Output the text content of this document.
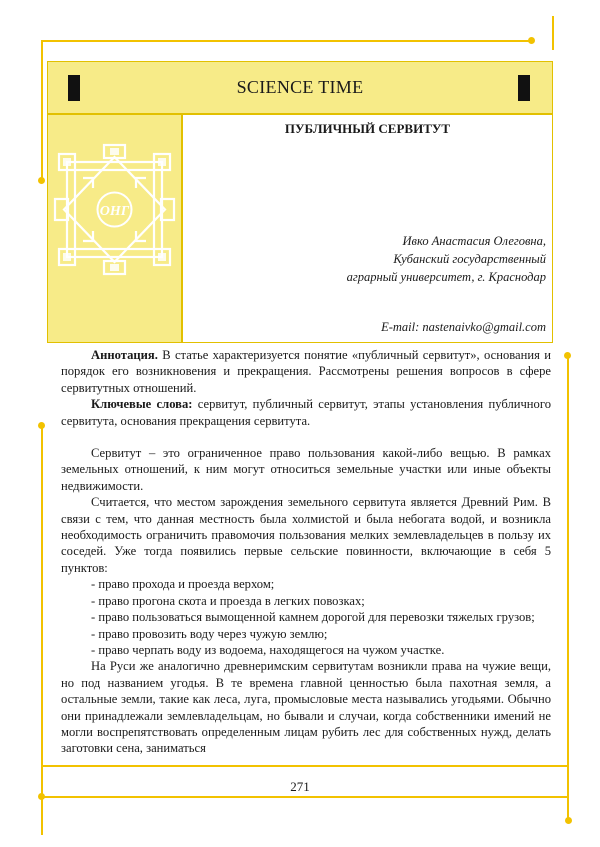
SCIENCE TIME
ОНГ
ПУБЛИЧНЫЙ СЕРВИТУТ
Ивко Анастасия Олеговна,
Кубанский государственный
аграрный университет, г. Краснодар
E-mail: nastenaivko@gmail.com

Аннотация. В статье характеризуется понятие «публичный сервитут», основания и порядок его возникновения и прекращения. Рассмотрены решения вопросов в сфере сервитутных отношений.

Ключевые слова: сервитут, публичный сервитут, этапы установления публичного сервитута, основания прекращения сервитута.

Сервитут – это ограниченное право пользования какой-либо вещью. В рамках земельных отношений, к ним могут относиться земельные участки или иные объекты недвижимости.

Считается, что местом зарождения земельного сервитута является Древний Рим. В связи с тем, что данная местность была холмистой и была небогата водой, и возникла необходимость ограничить правомочия пользования мелких землевладельцев в пользу их соседей. Уже тогда появились первые сельские повинности, включающие в себя 5 пунктов:

- право прохода и проезда верхом;

- право прогона скота и проезда в легких повозках;

- право пользоваться вымощенной камнем дорогой для перевозки тяжелых грузов;

- право провозить воду через чужую землю;

- право черпать воду из водоема, находящегося на чужом участке.

На Руси же аналогично древнеримским сервитутам возникли права на чужие вещи, но под названием угодья. В те времена главной ценностью была пахотная земля, а остальные земли, такие как леса, луга, промысловые места назывались угодьями. Обычно они принадлежали землевладельцам, но бывали и случаи, когда собственники имений не могли воспрепятствовать определенным лицам рубить лес для собственных нужд, делать заготовки сена, заниматься

271
